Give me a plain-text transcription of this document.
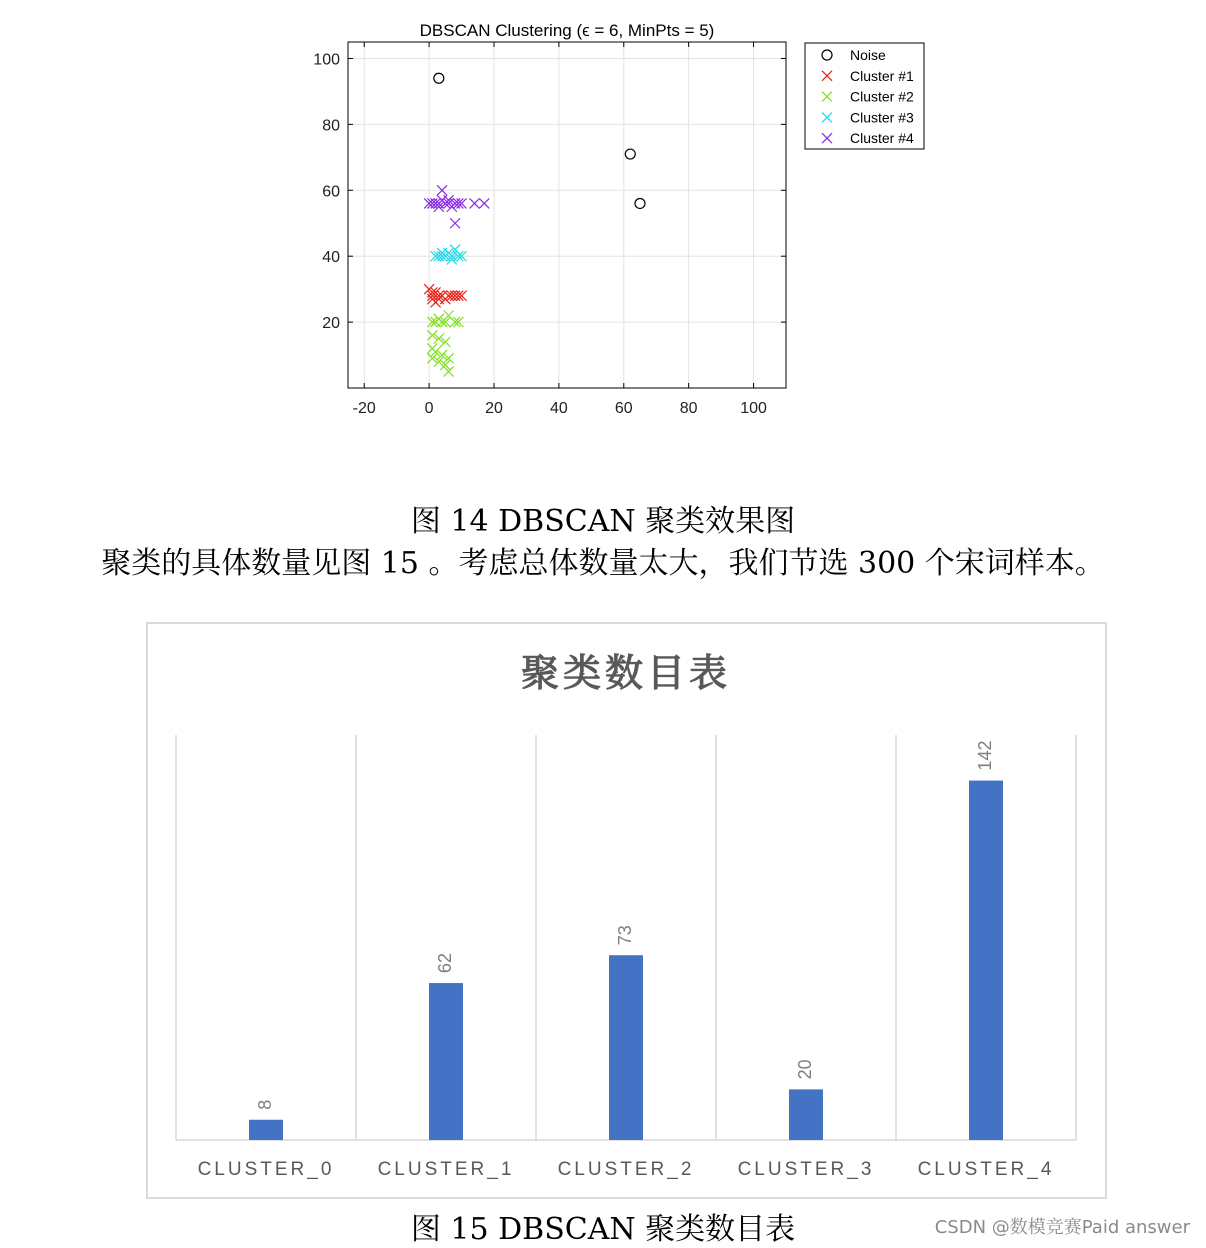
DBSCAN Clustering (ϵ = 6, MinPts = 5)
-20	0	20	40	60	80	100
20
40
60
80
100	Noise
Cluster #1
Cluster #2
Cluster #3
Cluster #4
图 14 DBSCAN 聚类效果图
聚类的具体数量见图 15 。考虑总体数量太大，我们节选 300 个宋词样本。
聚类数目表
8
62
73
20
142
CLUSTER_0 CLUSTER_1 CLUSTER_2 CLUSTER_3 CLUSTER_4
图 15 DBSCAN 聚类数目表	CSDN @数模竞赛Paid answer
